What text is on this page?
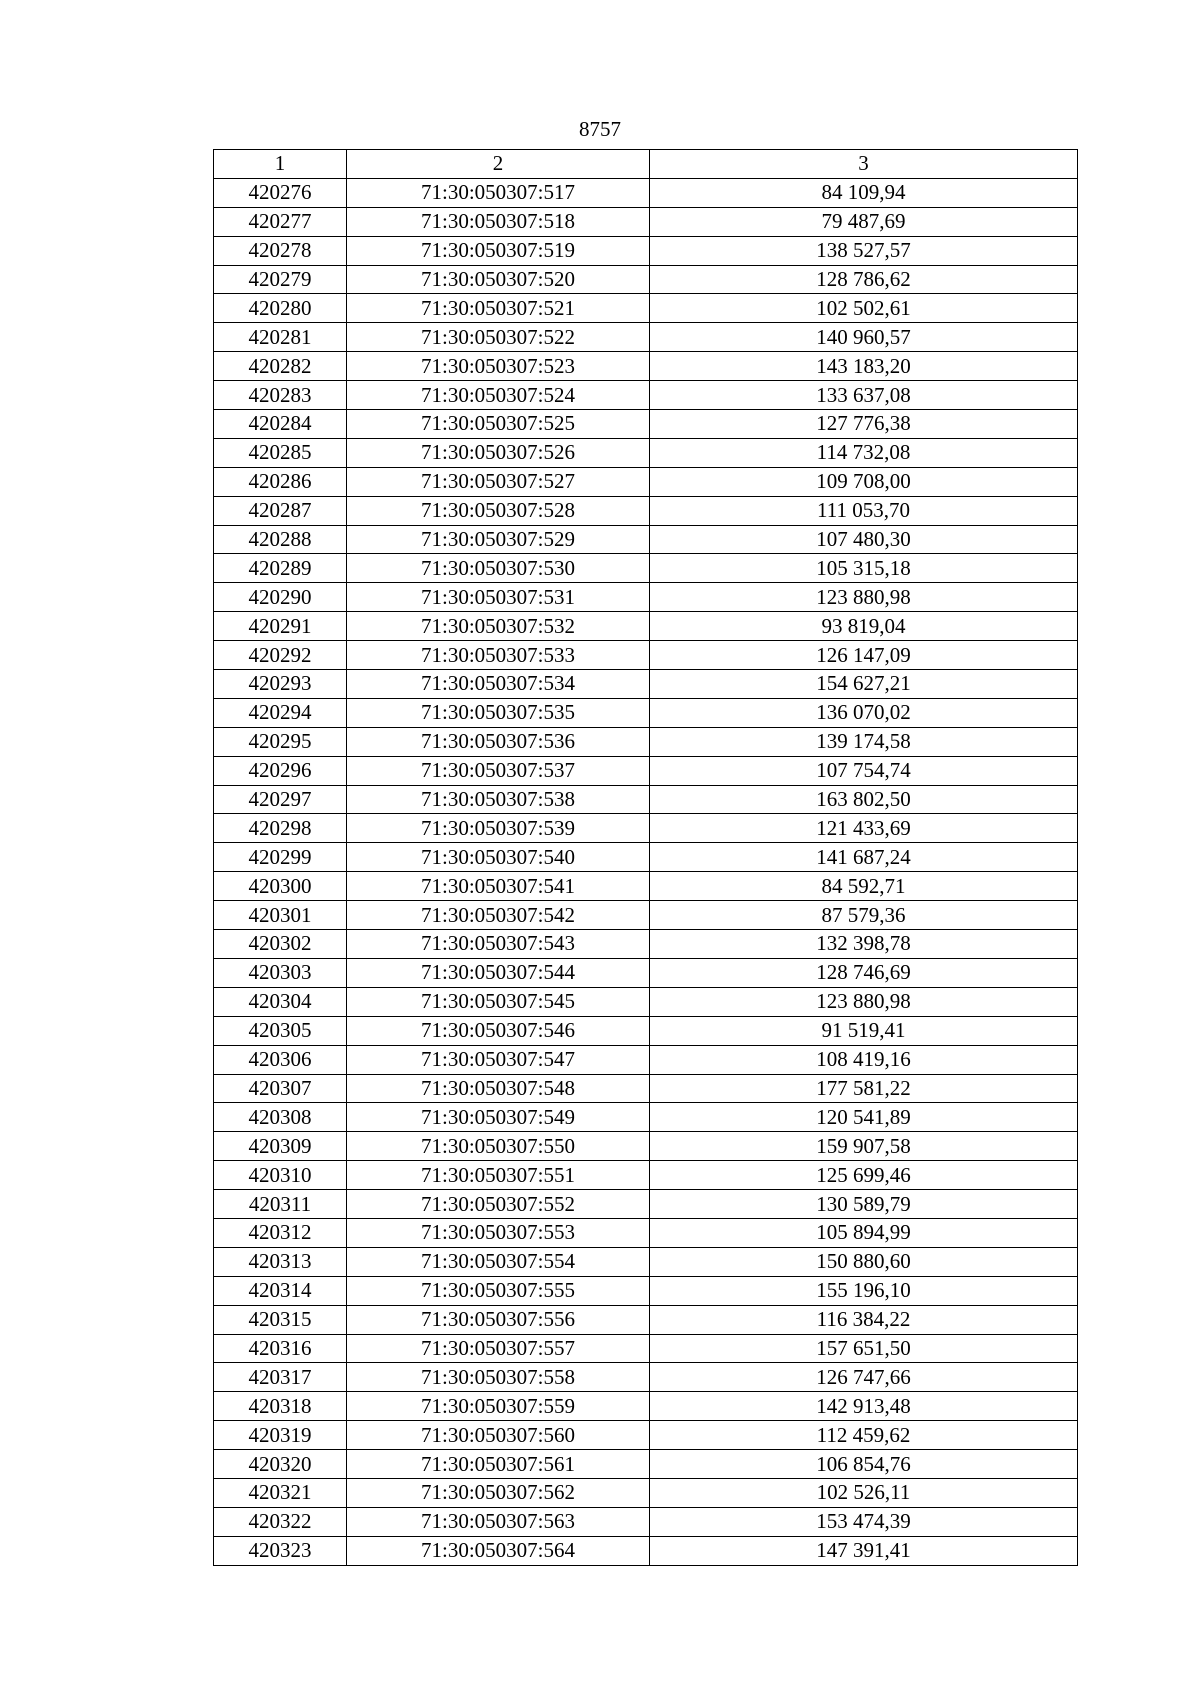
8757
1	2	3
420276	71:30:050307:517	84 109,94
420277	71:30:050307:518	79 487,69
420278	71:30:050307:519	138 527,57
420279	71:30:050307:520	128 786,62
420280	71:30:050307:521	102 502,61
420281	71:30:050307:522	140 960,57
420282	71:30:050307:523	143 183,20
420283	71:30:050307:524	133 637,08
420284	71:30:050307:525	127 776,38
420285	71:30:050307:526	114 732,08
420286	71:30:050307:527	109 708,00
420287	71:30:050307:528	111 053,70
420288	71:30:050307:529	107 480,30
420289	71:30:050307:530	105 315,18
420290	71:30:050307:531	123 880,98
420291	71:30:050307:532	93 819,04
420292	71:30:050307:533	126 147,09
420293	71:30:050307:534	154 627,21
420294	71:30:050307:535	136 070,02
420295	71:30:050307:536	139 174,58
420296	71:30:050307:537	107 754,74
420297	71:30:050307:538	163 802,50
420298	71:30:050307:539	121 433,69
420299	71:30:050307:540	141 687,24
420300	71:30:050307:541	84 592,71
420301	71:30:050307:542	87 579,36
420302	71:30:050307:543	132 398,78
420303	71:30:050307:544	128 746,69
420304	71:30:050307:545	123 880,98
420305	71:30:050307:546	91 519,41
420306	71:30:050307:547	108 419,16
420307	71:30:050307:548	177 581,22
420308	71:30:050307:549	120 541,89
420309	71:30:050307:550	159 907,58
420310	71:30:050307:551	125 699,46
420311	71:30:050307:552	130 589,79
420312	71:30:050307:553	105 894,99
420313	71:30:050307:554	150 880,60
420314	71:30:050307:555	155 196,10
420315	71:30:050307:556	116 384,22
420316	71:30:050307:557	157 651,50
420317	71:30:050307:558	126 747,66
420318	71:30:050307:559	142 913,48
420319	71:30:050307:560	112 459,62
420320	71:30:050307:561	106 854,76
420321	71:30:050307:562	102 526,11
420322	71:30:050307:563	153 474,39
420323	71:30:050307:564	147 391,41
